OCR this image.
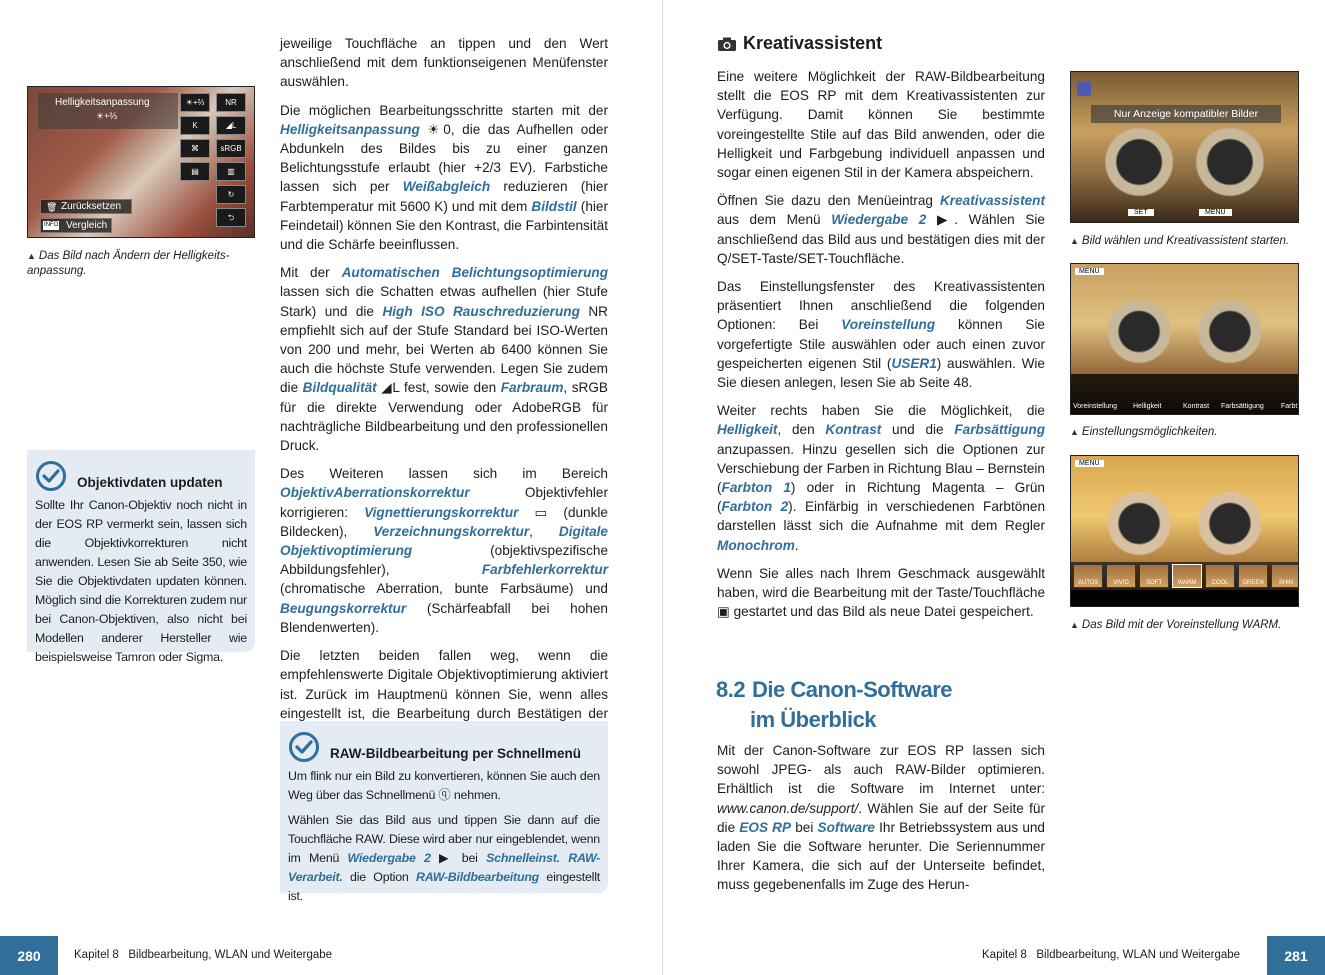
Helligkeitsanpassung
☀+⅔
☀+⅔	NR
K	◢L
⌘	sRGB
▤	▥
↻
⮌
🗑 Zurücksetzen
INFO Vergleich
▲ Das Bild nach Ändern der Helligkeits-anpassung.
Objektivdaten updaten
Sollte Ihr Canon-Objektiv noch nicht in der EOS RP vermerkt sein, lassen sich die Objektivkorrekturen nicht anwenden. Lesen Sie ab Seite 350, wie Sie die Objektivdaten updaten können. Möglich sind die Korrekturen zudem nur bei Canon-Objektiven, also nicht bei Modellen anderer Hersteller wie beispielsweise Tamron oder Sigma.

jeweilige Touchfläche an tippen und den Wert anschließend mit dem funktionseigenen Menüfenster auswählen.

Die möglichen Bearbeitungsschritte starten mit der Helligkeitsanpassung ☀0, die das Aufhellen oder Abdunkeln des Bildes bis zu einer ganzen Belichtungsstufe erlaubt (hier +2/3 EV). Farbstiche lassen sich per Weißabgleich reduzieren (hier Farbtemperatur mit 5600 K) und mit dem Bildstil (hier Feindetail) können Sie den Kontrast, die Farbintensität und die Schärfe beeinflussen.

Mit der Automatischen Belichtungsoptimierung lassen sich die Schatten etwas aufhellen (hier Stufe Stark) und die High ISO Rauschreduzierung NR empfiehlt sich auf der Stufe Standard bei ISO-Werten von 200 und mehr, bei Werten ab 6400 können Sie auch die höchste Stufe verwenden. Legen Sie zudem die Bildqualität ◢L fest, sowie den Farbraum, sRGB für die direkte Verwendung oder AdobeRGB für nachträgliche Bildbearbeitung und den professionellen Druck.

Des Weiteren lassen sich im Bereich ObjektivAberrationskorrektur Objektivfehler korrigieren: Vignettierungskorrektur ▭ (dunkle Bildecken), Verzeichnungskorrektur, Digitale Objektivoptimierung (objektivspezifische Abbildungsfehler), Farbfehlerkorrektur (chromatische Aberration, bunte Farbsäume) und Beugungskorrektur (Schärfeabfall bei hohen Blendenwerten).

Die letzten beiden fallen weg, wenn die empfehlenswerte Digitale Objektivoptimierung aktiviert ist. Zurück im Hauptmenü können Sie, wenn alles eingestellt ist, die Bearbeitung durch Bestätigen der

RAW-Bildbearbeitung per Schnellmenü

Um flink nur ein Bild zu konvertieren, können Sie auch den Weg über das Schnellmenü ⓠ nehmen.

Wählen Sie das Bild aus und tippen Sie dann auf die Touchfläche RAW. Diese wird aber nur eingeblendet, wenn im Menü Wiedergabe 2 ▶ bei Schnelleinst. RAW-Verarbeit. die Option RAW-Bildbearbeitung eingestellt ist.

280	Kapitel 8   Bildbearbeitung, WLAN und Weitergabe
Kreativassistent

Eine weitere Möglichkeit der RAW-Bildbearbeitung stellt die EOS RP mit dem Kreativassistenten zur Verfügung. Damit können Sie bestimmte voreingestellte Stile auf das Bild anwenden, oder die Helligkeit und Farbgebung individuell anpassen und sogar einen eigenen Stil in der Kamera abspeichern.

Öffnen Sie dazu den Menüeintrag Kreativassistent aus dem Menü Wiedergabe 2 ▶. Wählen Sie anschließend das Bild aus und bestätigen dies mit der Q/SET-Taste/SET-Touchfläche.

Das Einstellungsfenster des Kreativassistenten präsentiert Ihnen anschließend die folgenden Optionen: Bei Voreinstellung können Sie vorgefertigte Stile auswählen oder auch einen zuvor gespeicherten eigenen Stil (USER1) auswählen. Wie Sie diesen anlegen, lesen Sie ab Seite 48.

Weiter rechts haben Sie die Möglichkeit, die Helligkeit, den Kontrast und die Farbsättigung anzupassen. Hinzu gesellen sich die Optionen zur Verschiebung der Farben in Richtung Blau – Bernstein (Farbton 1) oder in Richtung Magenta – Grün (Farbton 2). Einfärbig in verschiedenen Farbtönen darstellen lässt sich die Aufnahme mit dem Regler Monochrom.

Wenn Sie alles nach Ihrem Geschmack ausgewählt haben, wird die Bearbeitung mit der Taste/Touchfläche ▣ gestartet und das Bild als neue Datei gespeichert.

8.2 Die Canon-Software
im Überblick

Mit der Canon-Software zur EOS RP lassen sich sowohl JPEG- als auch RAW-Bilder optimieren. Erhältlich ist die Software im Internet unter: www.canon.de/support/. Wählen Sie auf der Seite für die EOS RP bei Software Ihr Betriebssystem aus und laden Sie die Software herunter. Die Seriennummer Ihrer Kamera, die sich auf der Unterseite befindet, muss gegebenenfalls im Zuge des Herun-

Nur Anzeige kompatibler Bilder
SET	MENU
▲ Bild wählen und Kreativassistent starten.
MENU
Voreinstellung Helligkeit	Kontrast Farbsättigung Farbt
▲ Einstellungsmöglichkeiten.
MENU
AUTO3	VIVID	SOFT	WARM	COOL	GREEN	SHIN
▲ Das Bild mit der Voreinstellung WARM.
Kapitel 8   Bildbearbeitung, WLAN und Weitergabe	281
